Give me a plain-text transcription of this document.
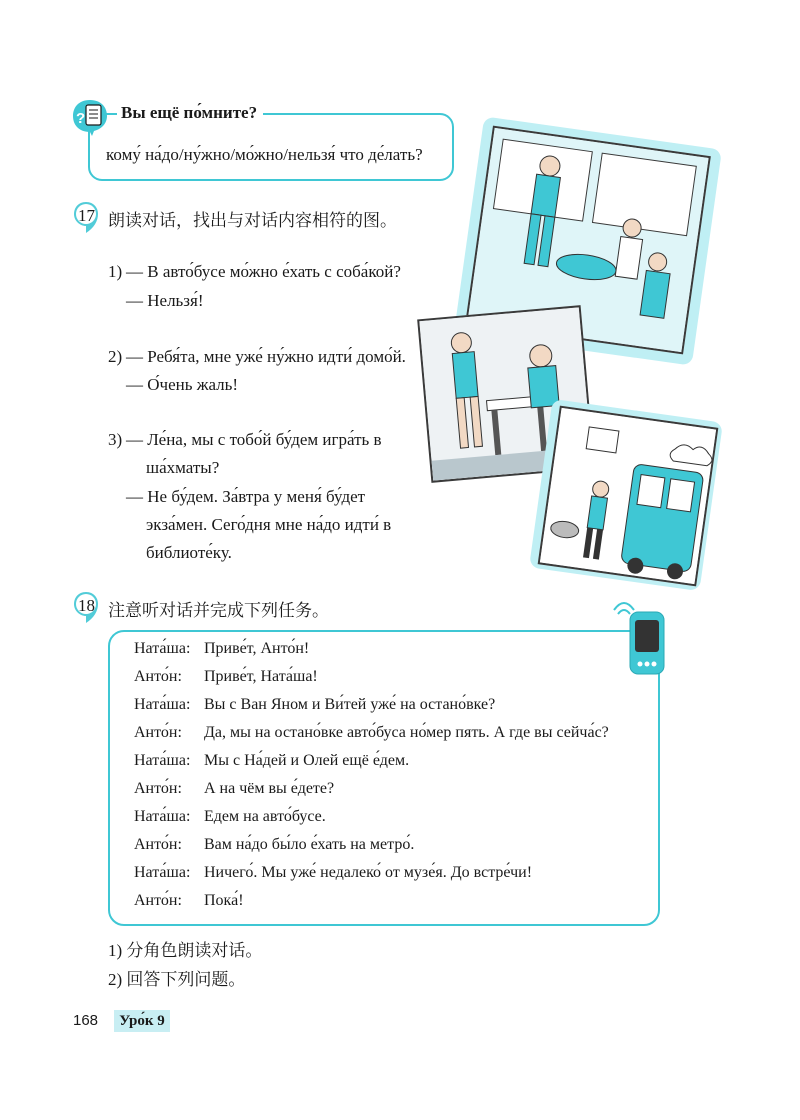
? Вы ещё по́мните?
кому́ на́до/ну́жно/мо́жно/нельзя́ что де́лать?
17 朗读对话，找出与对话内容相符的图。
1) — В авто́бусе мо́жно е́хать с соба́кой?
— Нельзя́!
2) — Ребя́та, мне уже́ ну́жно идти́ домо́й.
— О́чень жаль!
3) — Ле́на, мы с тобо́й бу́дем игра́ть в
ша́хматы?
— Не бу́дем. За́втра у меня́ бу́дет
экза́мен. Сего́дня мне на́до идти́ в
библиоте́ку.
18 注意听对话并完成下列任务。
Ната́ша: Приве́т, Анто́н!
Анто́н: Приве́т, Ната́ша!
Ната́ша: Вы с Ван Яном и Ви́тей уже́ на остано́вке?
Анто́н: Да, мы на остано́вке авто́буса но́мер пять. А где вы сейча́с?
Ната́ша: Мы с На́дей и Олей ещё е́дем.
Анто́н: А на чём вы е́дете?
Ната́ша: Едем на авто́бусе.
Анто́н: Вам на́до бы́ло е́хать на метро́.
Ната́ша: Ничего́. Мы уже́ недалеко́ от музе́я. До встре́чи!
Анто́н: Пока́!
1) 分角色朗读对话。
2) 回答下列问题。
168	Уро́к 9
